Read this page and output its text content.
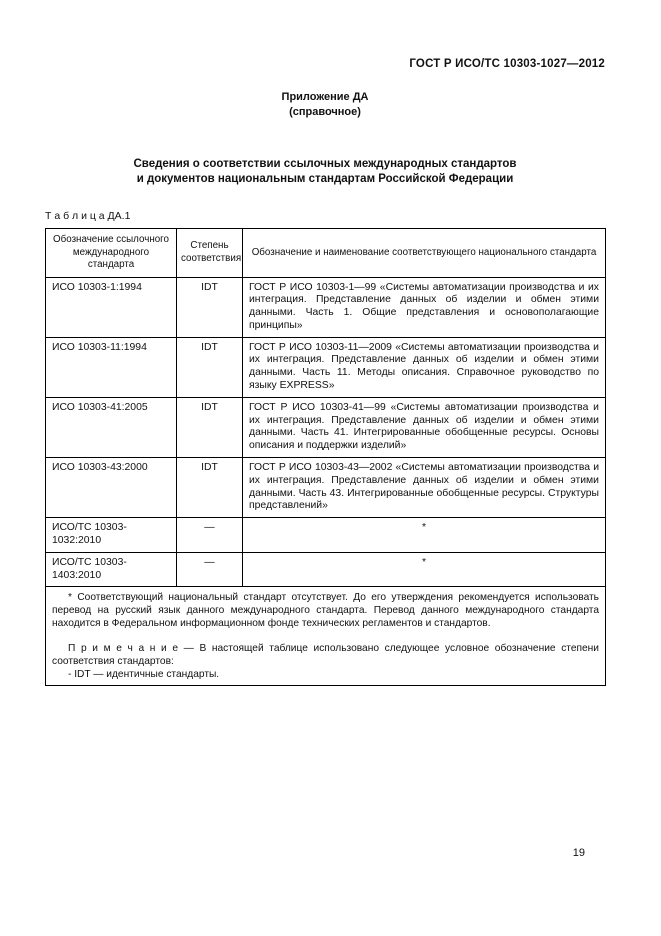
ГОСТ Р ИСО/ТС 10303-1027—2012
Приложение ДА
(справочное)
Сведения о соответствии ссылочных международных стандартов
и документов национальным стандартам Российской Федерации
Т а б л и ц а ДА.1
Обозначение ссылочного международного стандарта	Степень соответствия	Обозначение и наименование соответствующего национального стандарта
ИСО 10303-1:1994	IDT	ГОСТ Р ИСО 10303-1—99 «Системы автоматизации производства и их интеграция. Представление данных об изделии и обмен этими данными. Часть 1. Общие представления и основополагающие принципы»
ИСО 10303-11:1994	IDT	ГОСТ Р ИСО 10303-11—2009 «Системы автоматизации производства и их интеграция. Представление данных об изделии и обмен этими данными. Часть 11. Методы описания. Справочное руководство по языку EXPRESS»
ИСО 10303-41:2005	IDT	ГОСТ Р ИСО 10303-41—99 «Системы автоматизации производства и их интеграция. Представление данных об изделии и обмен этими данными. Часть 41. Интегрированные обобщенные ресурсы. Основы описания и поддержки изделий»
ИСО 10303-43:2000	IDT	ГОСТ Р ИСО 10303-43—2002 «Системы автоматизации производства и их интеграция. Представление данных об изделии и обмен этими данными. Часть 43. Интегрированные обобщенные ресурсы. Структуры представлений»
ИСО/ТС 10303-1032:2010	—	*
ИСО/ТС 10303-1403:2010	—	*

* Соответствующий национальный стандарт отсутствует. До его утверждения рекомендуется использовать перевод на русский язык данного международного стандарта. Перевод данного международного стандарта находится в Федеральном информационном фонде технических регламентов и стандартов.

П р и м е ч а н и е — В настоящей таблице использовано следующее условное обозначение степени соответствия стандартов:

- IDT — идентичные стандарты.		

19
